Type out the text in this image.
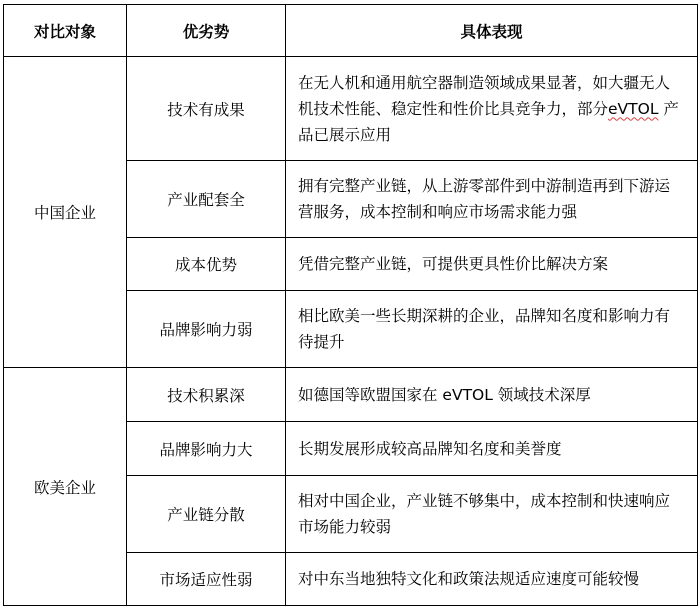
对比对象	优劣势	具体表现
中国企业	技术有成果	在无人机和通用航空器制造领域成果显著，如大疆无人机技术性能、稳定性和性价比具竞争力，部分eVTOL 产品已展示应用
	产业配套全	拥有完整产业链，从上游零部件到中游制造再到下游运营服务，成本控制和响应市场需求能力强
	成本优势	凭借完整产业链，可提供更具性价比解决方案
	品牌影响力弱	相比欧美一些长期深耕的企业，品牌知名度和影响力有待提升
欧美企业	技术积累深	如德国等欧盟国家在 eVTOL 领域技术深厚
	品牌影响力大	长期发展形成较高品牌知名度和美誉度
	产业链分散	相对中国企业，产业链不够集中，成本控制和快速响应市场能力较弱
	市场适应性弱	对中东当地独特文化和政策法规适应速度可能较慢
